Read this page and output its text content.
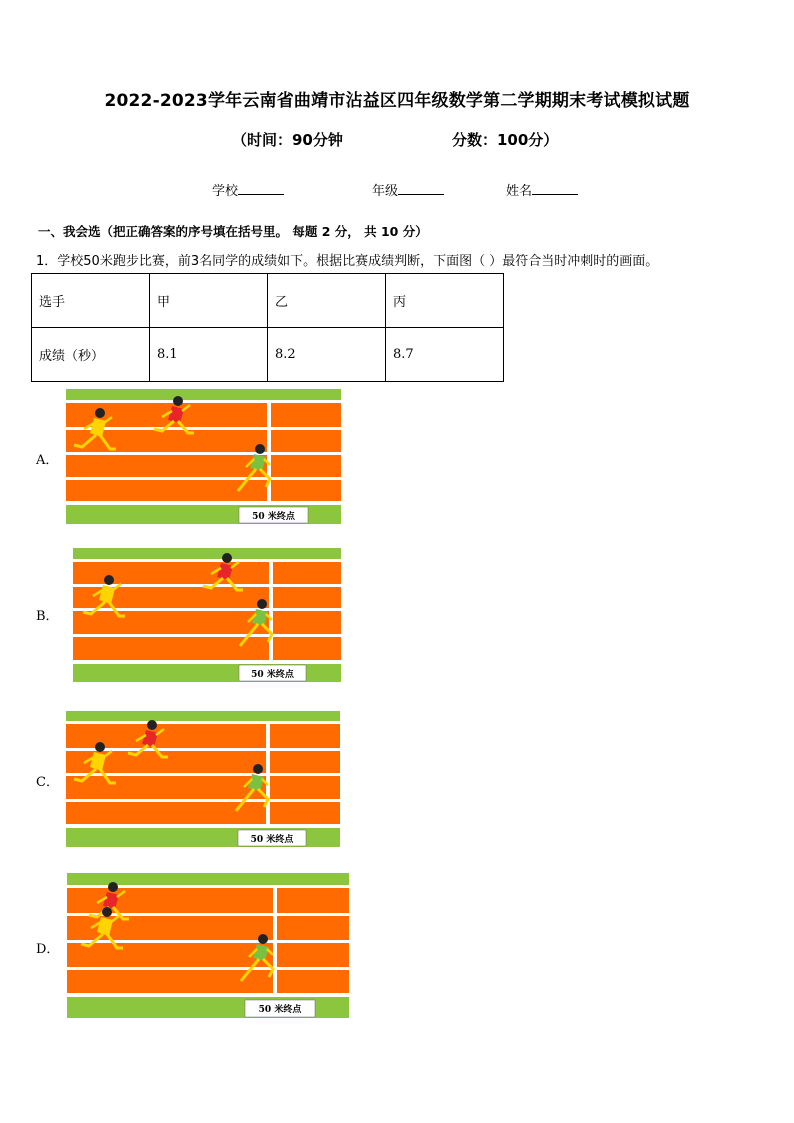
2022-2023学年云南省曲靖市沾益区四年级数学第二学期期末考试模拟试题
（时间：90分钟	分数：100分）
学校	年级	姓名
一、我会选（把正确答案的序号填在括号里。 每题 2 分， 共 10 分）
1．学校50米跑步比赛，前3名同学的成绩如下。根据比赛成绩判断，下面图（ ）最符合当时冲刺时的画面。
选手	甲	乙	丙
成绩（秒）	8.1	8.2	8.7
A．
50 米终点
B．
50 米终点
C．
50 米终点
D．
50 米终点
